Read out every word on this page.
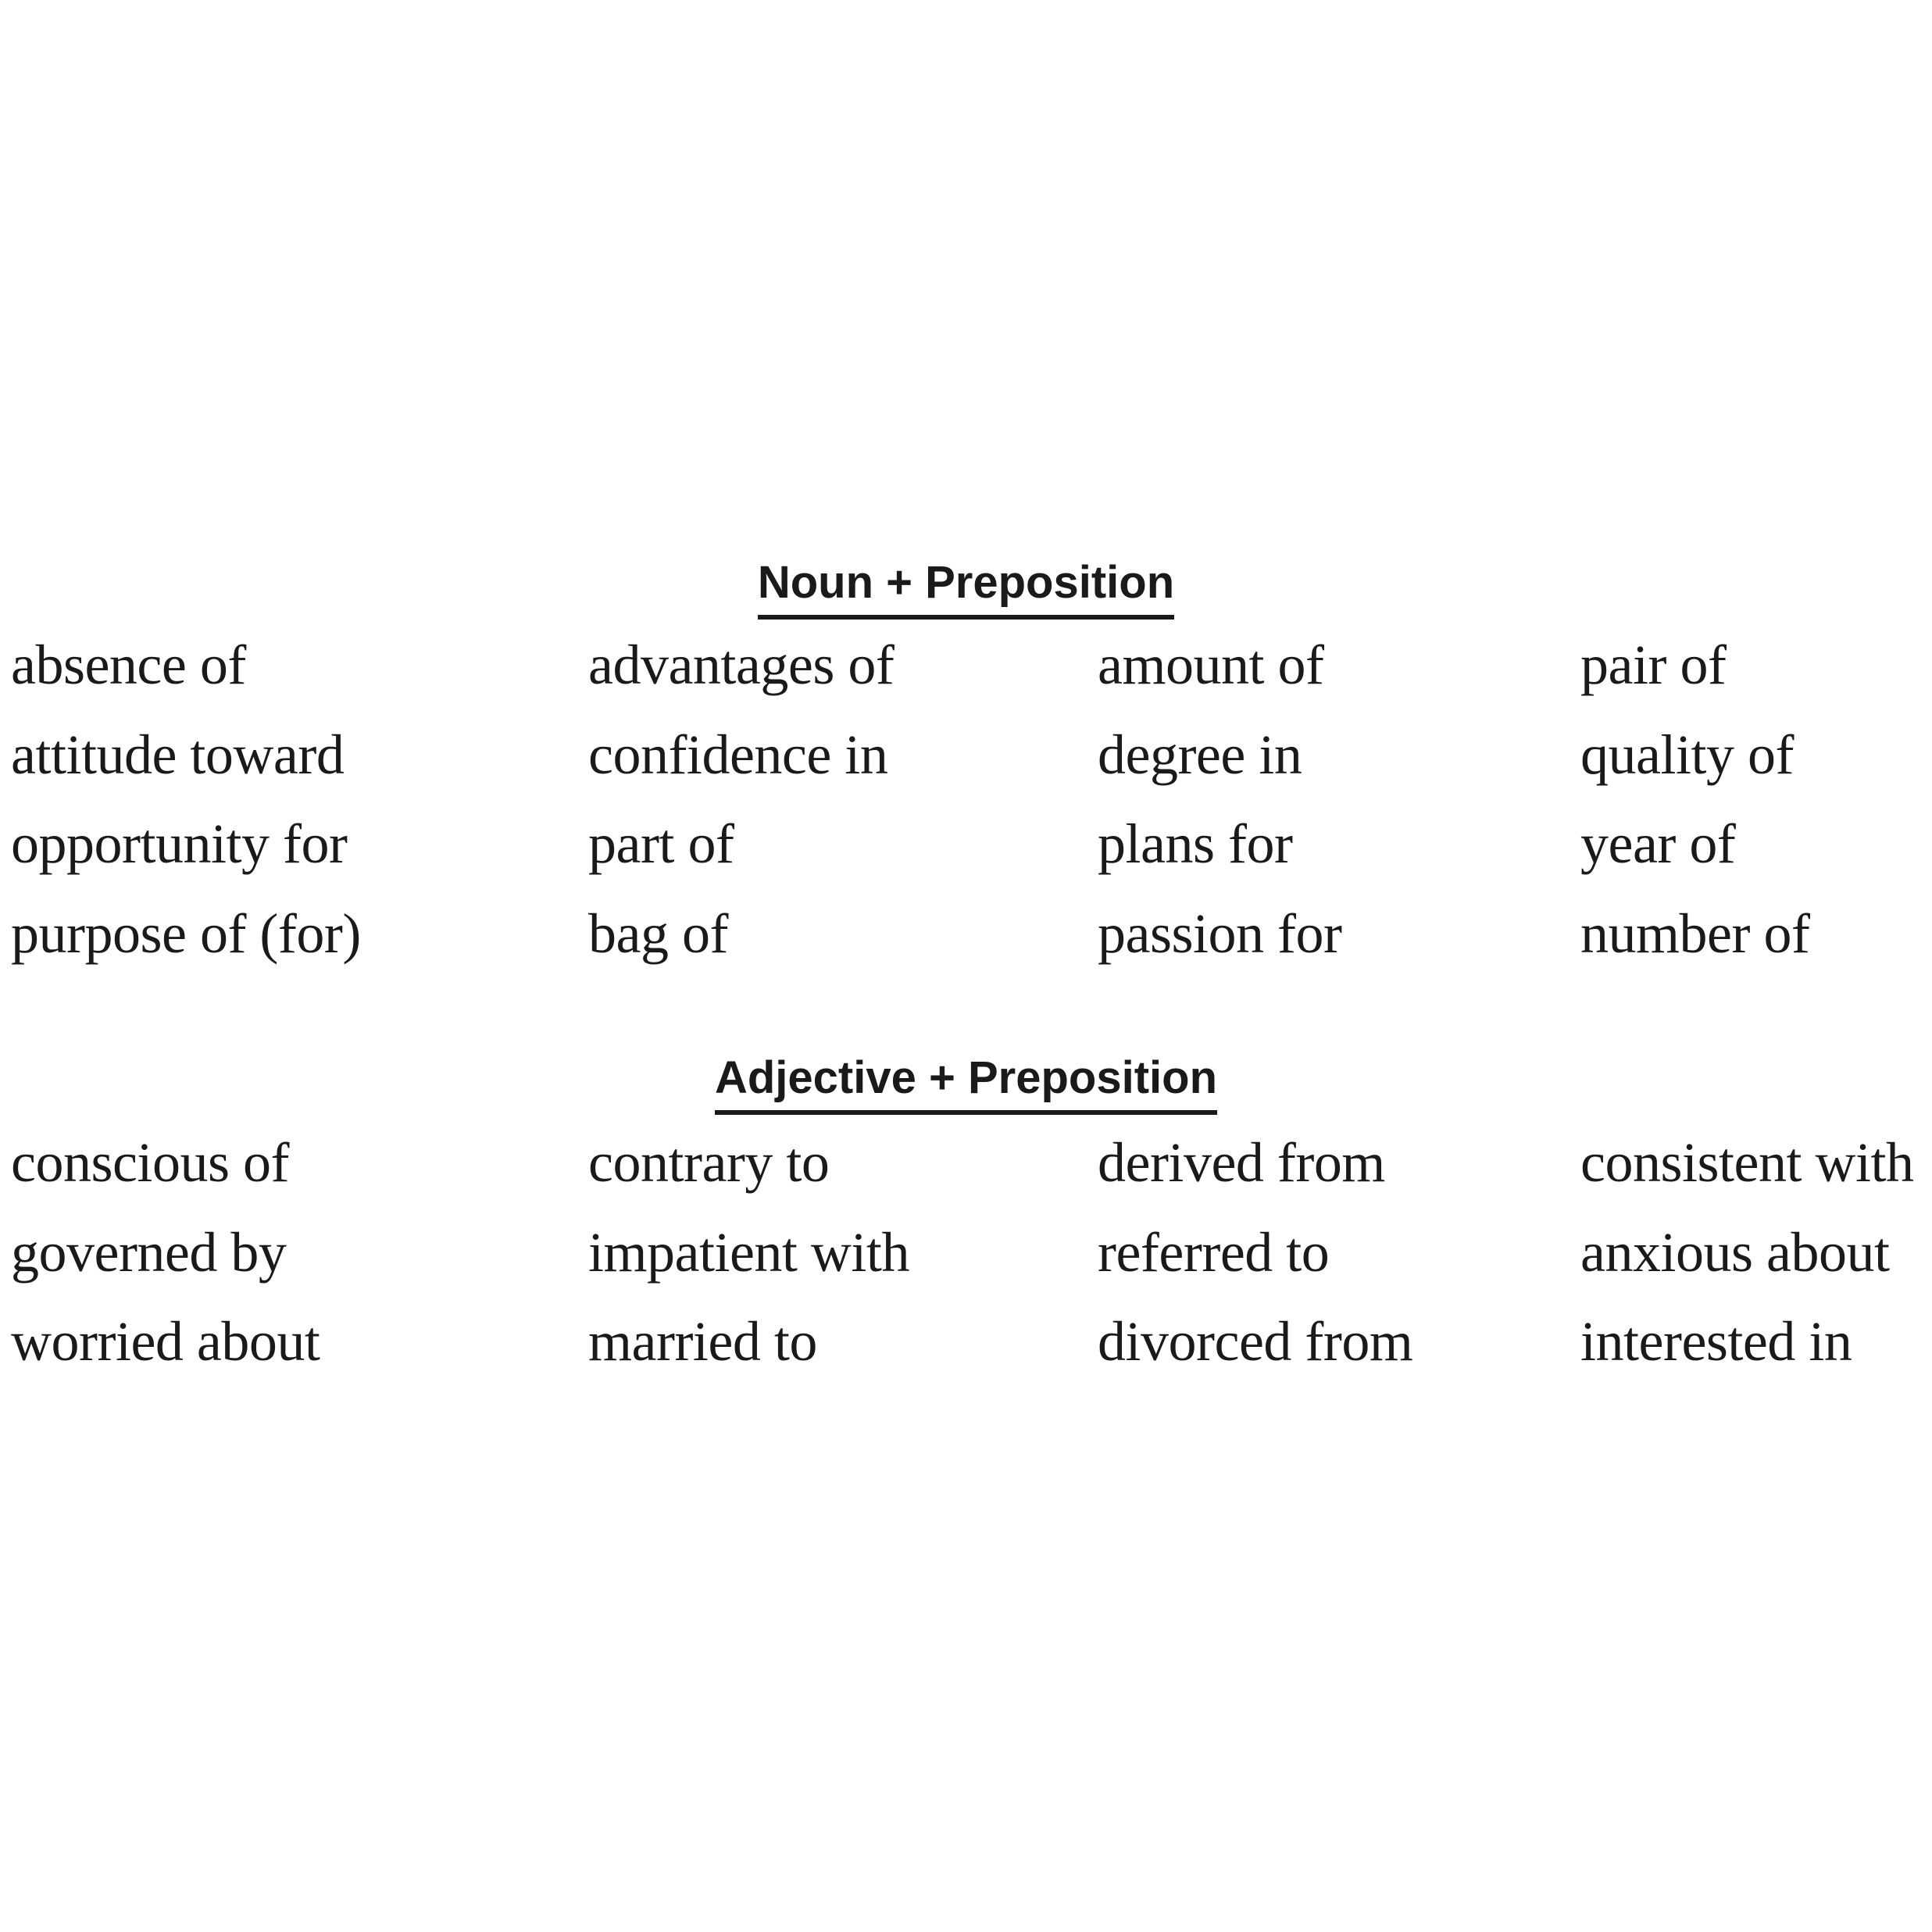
Noun + Preposition
absence of	advantages of	amount of	pair of
attitude toward	confidence in	degree in	quality of
opportunity for	part of	plans for	year of
purpose of (for)	bag of	passion for	number of
Adjective + Preposition
conscious of	contrary to	derived from	consistent with
governed by	impatient with	referred to	anxious about
worried about	married to	divorced from	interested in
